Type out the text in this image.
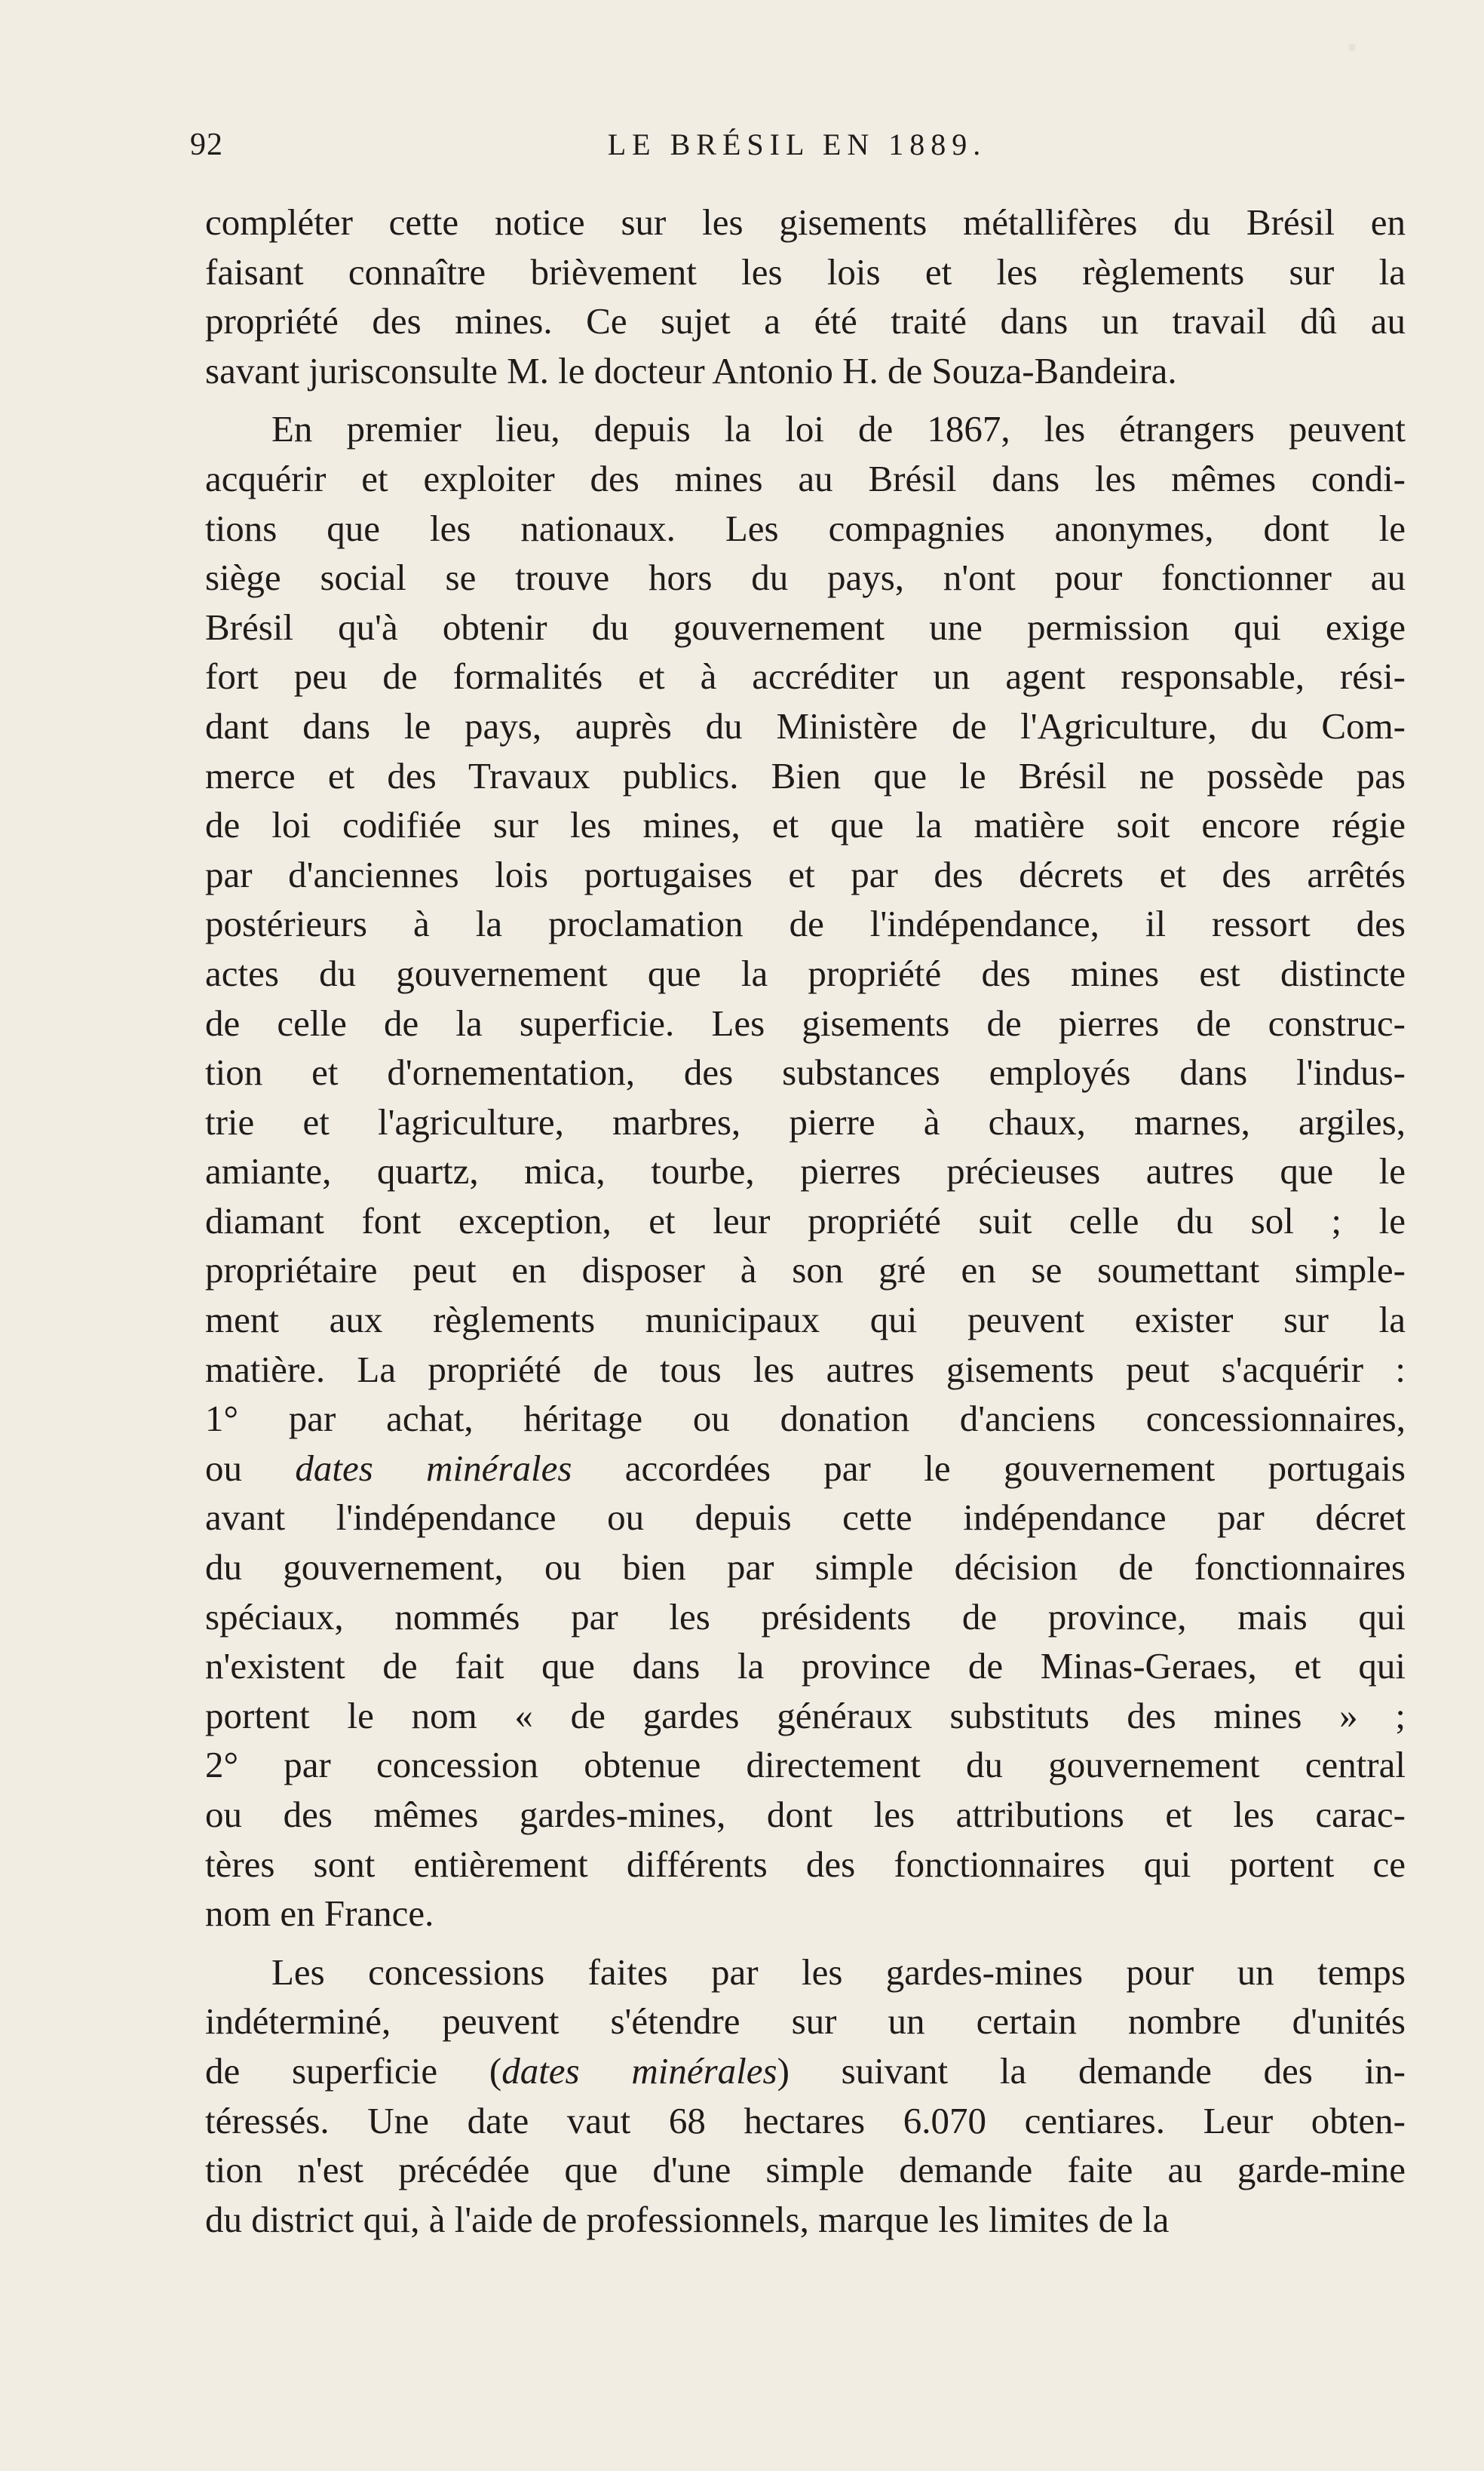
92	LE BRÉSIL EN 1889.
compléter cette notice sur les gisements métallifères du Brésil en
faisant connaître brièvement les lois et les règlements sur la
propriété des mines. Ce sujet a été traité dans un travail dû au
savant jurisconsulte M. le docteur Antonio H. de Souza-Bandeira.
En premier lieu, depuis la loi de 1867, les étrangers peuvent
acquérir et exploiter des mines au Brésil dans les mêmes condi-
tions que les nationaux. Les compagnies anonymes, dont le
siège social se trouve hors du pays, n'ont pour fonctionner au
Brésil qu'à obtenir du gouvernement une permission qui exige
fort peu de formalités et à accréditer un agent responsable, rési-
dant dans le pays, auprès du Ministère de l'Agriculture, du Com-
merce et des Travaux publics. Bien que le Brésil ne possède pas
de loi codifiée sur les mines, et que la matière soit encore régie
par d'anciennes lois portugaises et par des décrets et des arrêtés
postérieurs à la proclamation de l'indépendance, il ressort des
actes du gouvernement que la propriété des mines est distincte
de celle de la superficie. Les gisements de pierres de construc-
tion et d'ornementation, des substances employés dans l'indus-
trie et l'agriculture, marbres, pierre à chaux, marnes, argiles,
amiante, quartz, mica, tourbe, pierres précieuses autres que le
diamant font exception, et leur propriété suit celle du sol ; le
propriétaire peut en disposer à son gré en se soumettant simple-
ment aux règlements municipaux qui peuvent exister sur la
matière. La propriété de tous les autres gisements peut s'acquérir :
1° par achat, héritage ou donation d'anciens concessionnaires,
ou dates minérales accordées par le gouvernement portugais
avant l'indépendance ou depuis cette indépendance par décret
du gouvernement, ou bien par simple décision de fonctionnaires
spéciaux, nommés par les présidents de province, mais qui
n'existent de fait que dans la province de Minas-Geraes, et qui
portent le nom « de gardes généraux substituts des mines » ;
2° par concession obtenue directement du gouvernement central
ou des mêmes gardes-mines, dont les attributions et les carac-
tères sont entièrement différents des fonctionnaires qui portent ce
nom en France.
Les concessions faites par les gardes-mines pour un temps
indéterminé, peuvent s'étendre sur un certain nombre d'unités
de superficie (dates minérales) suivant la demande des in-
téressés. Une date vaut 68 hectares 6.070 centiares. Leur obten-
tion n'est précédée que d'une simple demande faite au garde-mine
du district qui, à l'aide de professionnels, marque les limites de la
